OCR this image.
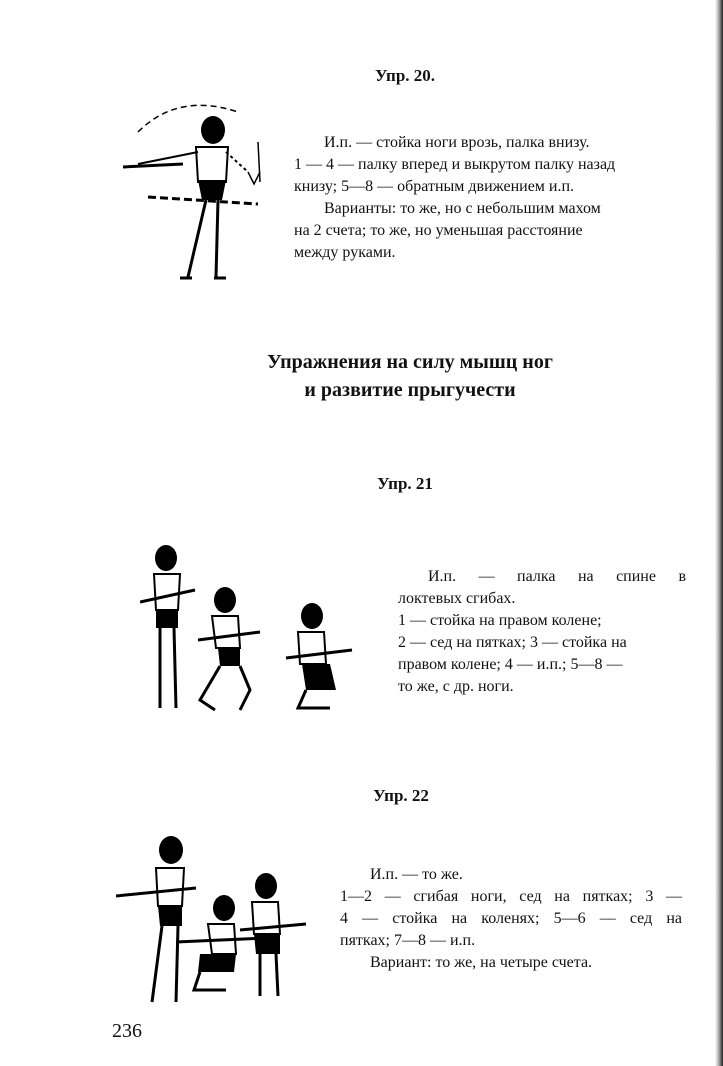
Упр. 20.

И.п. — стойка ноги врозь, палка внизу.

1 — 4 — палку вперед и выкрутом палку назад

книзу; 5—8 — обратным движением и.п.

Варианты: то же, но с небольшим махом

на 2 счета; то же, но уменьшая расстояние

между руками.

Упражнения на силу мышц ног
и развитие прыгучести
Упр. 21

И.п. — палка на спине в

локтевых сгибах.

1 — стойка на правом колене;

2 — сед на пятках; 3 — стойка на

правом колене; 4 — и.п.; 5—8 —

то же, с др. ноги.

Упр. 22

И.п. — то же.

1—2 — сгибая ноги, сед на пятках; 3 —

4 — стойка на коленях; 5—6 — сед на

пятках; 7—8 — и.п.

Вариант: то же, на четыре счета.

236
